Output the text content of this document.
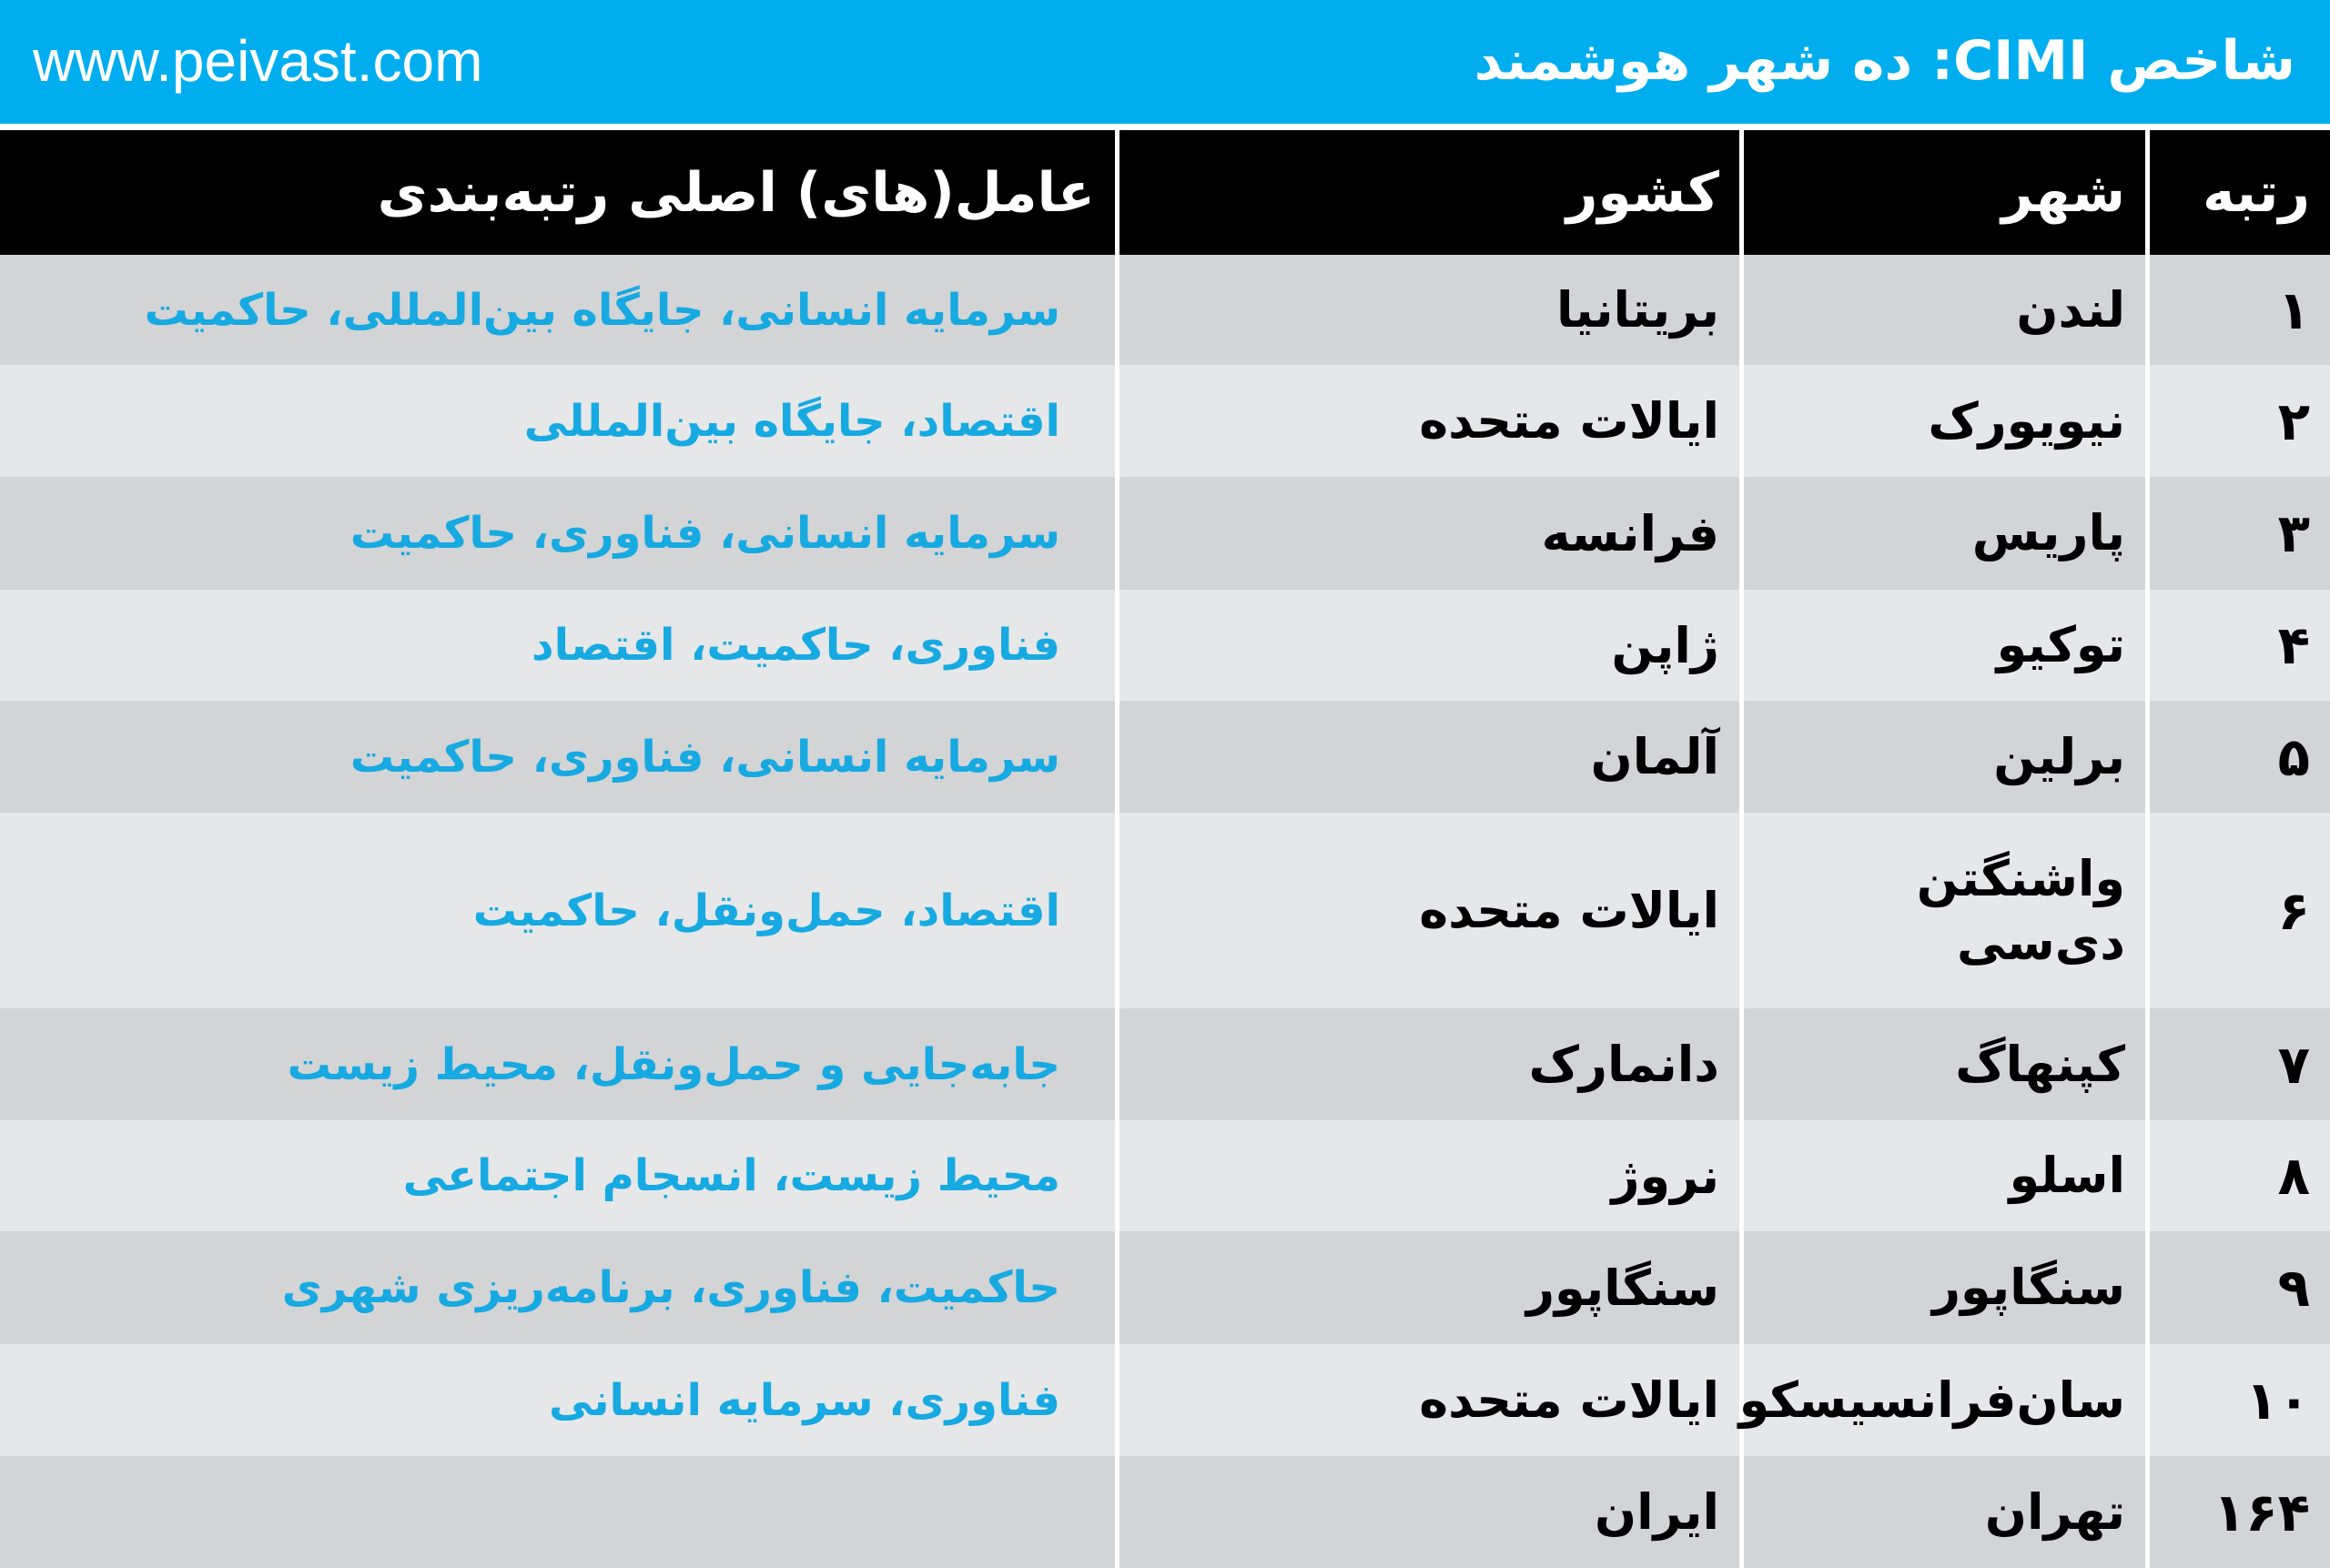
www.peivast.com	شاخص CIMI: ده شهر هوشمند
رتبه
شهر
کشور
عامل(های) اصلی رتبه‌بندی
۱
لندن
بریتانیا
سرمایه انسانی، جایگاه بین‌المللی، حاکمیت
۲
نیویورک
ایالات متحده
اقتصاد، جایگاه بین‌المللی
۳
پاریس
فرانسه
سرمایه انسانی، فناوری، حاکمیت
۴
توکیو
ژاپن
فناوری، حاکمیت، اقتصاد
۵
برلین
آلمان
سرمایه انسانی، فناوری، حاکمیت
۶
واشنگتن دی‌سی
ایالات متحده
اقتصاد، حمل‌ونقل، حاکمیت
۷
کپنهاگ
دانمارک
جابه‌جایی و حمل‌ونقل، محیط زیست
۸
اسلو
نروژ
محیط زیست، انسجام اجتماعی
۹
سنگاپور
سنگاپور
حاکمیت، فناوری، برنامه‌ریزی شهری
۱۰
سان‌فرانسیسکو
ایالات متحده
فناوری، سرمایه انسانی
۱۶۴
تهران
ایران
